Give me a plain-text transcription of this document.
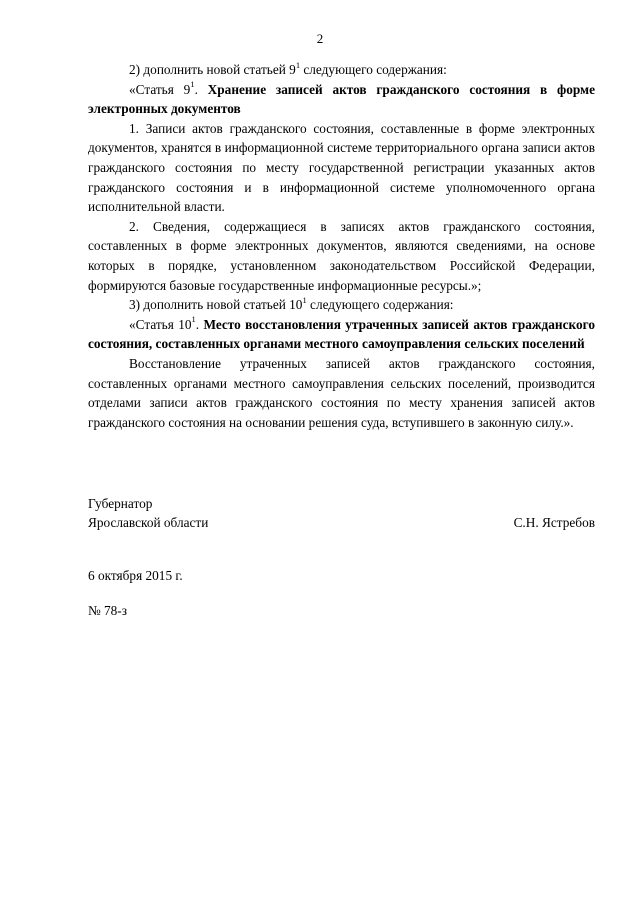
2

2) дополнить новой статьей $9^1$ следующего содержания:

«Статья $9^1$. Хранение записей актов гражданского состояния в форме электронных документов

1. Записи актов гражданского состояния, составленные в форме электронных документов, хранятся в информационной системе территориального органа записи актов гражданского состояния по месту государственной регистрации указанных актов гражданского состояния и в информационной системе уполномоченного органа исполнительной власти.

2. Сведения, содержащиеся в записях актов гражданского состояния, составленных в форме электронных документов, являются сведениями, на основе которых в порядке, установленном законодательством Российской Федерации, формируются базовые государственные информационные ресурсы.»;

3) дополнить новой статьей $10^1$ следующего содержания:

«Статья $10^1$. Место восстановления утраченных записей актов гражданского состояния, составленных органами местного самоуправления сельских поселений

Восстановление утраченных записей актов гражданского состояния, составленных органами местного самоуправления сельских поселений, производится отделами записи актов гражданского состояния по месту хранения записей актов гражданского состояния на основании решения суда, вступившего в законную силу.».

Губернатор
Ярославской области	С.Н. Ястребов
6 октября 2015 г.
№ 78-з
